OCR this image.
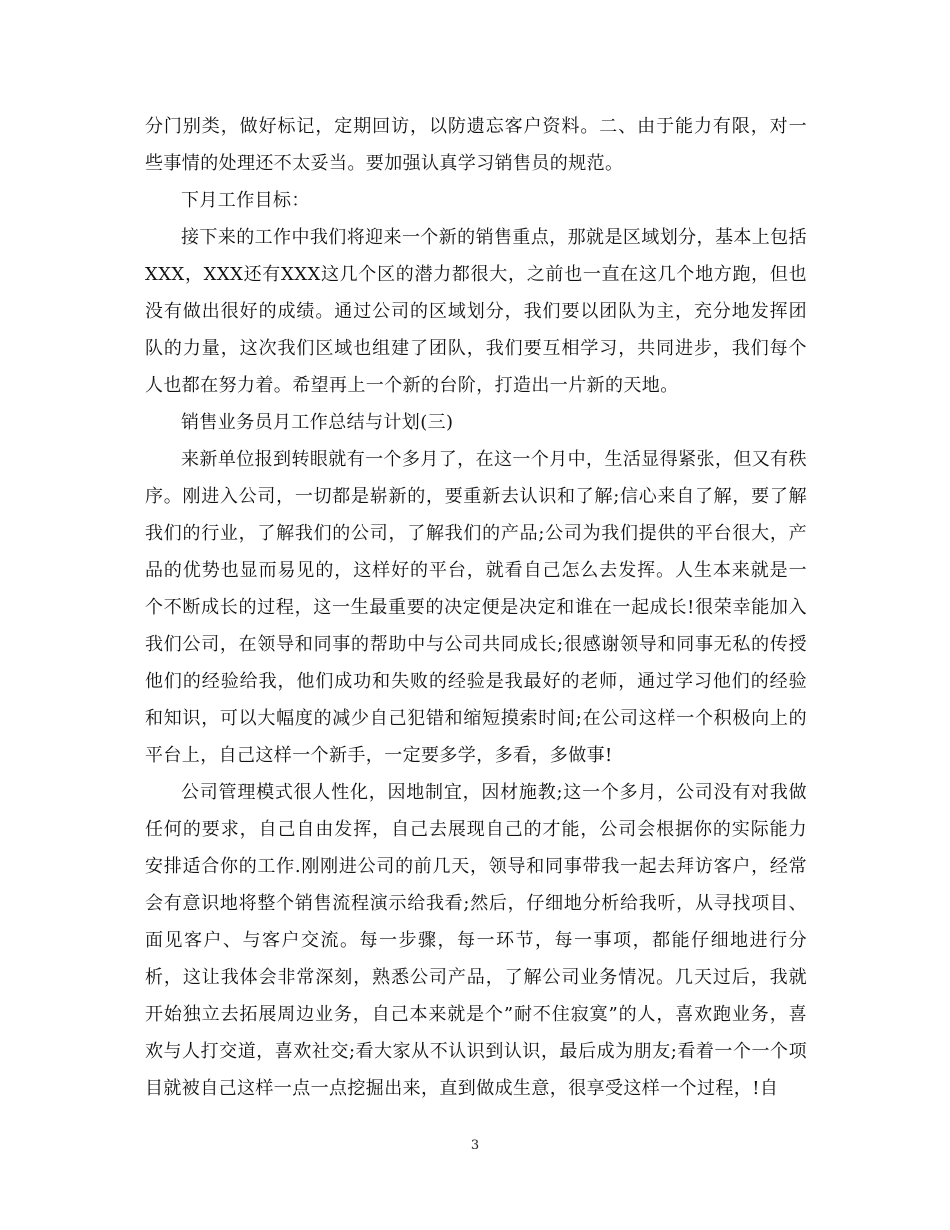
分门别类，做好标记，定期回访，以防遗忘客户资料。二、由于能力有限，对一些事情的处理还不太妥当。要加强认真学习销售员的规范。

下月工作目标：

接下来的工作中我们将迎来一个新的销售重点，那就是区域划分，基本上包括XXX，XXX还有XXX这几个区的潜力都很大，之前也一直在这几个地方跑，但也没有做出很好的成绩。通过公司的区域划分，我们要以团队为主，充分地发挥团队的力量，这次我们区域也组建了团队，我们要互相学习，共同进步，我们每个人也都在努力着。希望再上一个新的台阶，打造出一片新的天地。

销售业务员月工作总结与计划(三)

来新单位报到转眼就有一个多月了，在这一个月中，生活显得紧张，但又有秩序。刚进入公司，一切都是崭新的，要重新去认识和了解;信心来自了解，要了解我们的行业，了解我们的公司，了解我们的产品;公司为我们提供的平台很大，产品的优势也显而易见的，这样好的平台，就看自己怎么去发挥。人生本来就是一个不断成长的过程，这一生最重要的决定便是决定和谁在一起成长!很荣幸能加入我们公司，在领导和同事的帮助中与公司共同成长;很感谢领导和同事无私的传授他们的经验给我，他们成功和失败的经验是我最好的老师，通过学习他们的经验和知识，可以大幅度的减少自己犯错和缩短摸索时间;在公司这样一个积极向上的平台上，自己这样一个新手，一定要多学，多看，多做事!

公司管理模式很人性化，因地制宜，因材施教;这一个多月，公司没有对我做任何的要求，自己自由发挥，自己去展现自己的才能，公司会根据你的实际能力安排适合你的工作.刚刚进公司的前几天，领导和同事带我一起去拜访客户，经常会有意识地将整个销售流程演示给我看;然后，仔细地分析给我听，从寻找项目、面见客户、与客户交流。每一步骤，每一环节，每一事项，都能仔细地进行分析，这让我体会非常深刻，熟悉公司产品，了解公司业务情况。几天过后，我就开始独立去拓展周边业务，自己本来就是个”耐不住寂寞”的人，喜欢跑业务，喜欢与人打交道，喜欢社交;看大家从不认识到认识，最后成为朋友;看着一个一个项目就被自己这样一点一点挖掘出来，直到做成生意，很享受这样一个过程，!自

3
